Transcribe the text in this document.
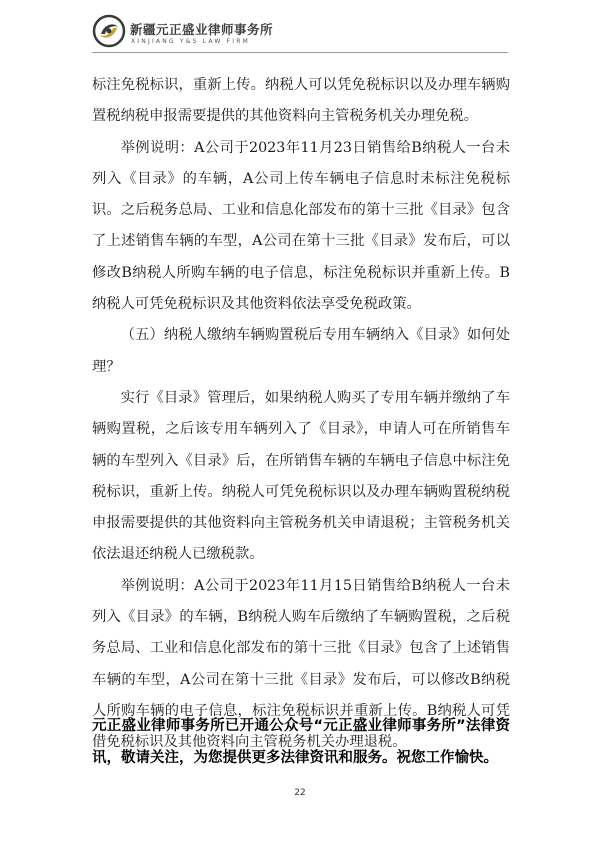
新疆元正盛业律师事务所
XINJIANG Y&S LAW FIRM

标注免税标识，重新上传。纳税人可以凭免税标识以及办理车辆购置税纳税申报需要提供的其他资料向主管税务机关办理免税。

举例说明：A公司于2023年11月23日销售给B纳税人一台未列入《目录》的车辆，A公司上传车辆电子信息时未标注免税标识。之后税务总局、工业和信息化部发布的第十三批《目录》包含了上述销售车辆的车型，A公司在第十三批《目录》发布后，可以修改B纳税人所购车辆的电子信息，标注免税标识并重新上传。B纳税人可凭免税标识及其他资料依法享受免税政策。

（五）纳税人缴纳车辆购置税后专用车辆纳入《目录》如何处理？

实行《目录》管理后，如果纳税人购买了专用车辆并缴纳了车辆购置税，之后该专用车辆列入了《目录》，申请人可在所销售车辆的车型列入《目录》后，在所销售车辆的车辆电子信息中标注免税标识，重新上传。纳税人可凭免税标识以及办理车辆购置税纳税申报需要提供的其他资料向主管税务机关申请退税；主管税务机关依法退还纳税人已缴税款。

举例说明：A公司于2023年11月15日销售给B纳税人一台未列入《目录》的车辆，B纳税人购车后缴纳了车辆购置税，之后税务总局、工业和信息化部发布的第十三批《目录》包含了上述销售车辆的车型，A公司在第十三批《目录》发布后，可以修改B纳税人所购车辆的电子信息，标注免税标识并重新上传。B纳税人可凭借免税标识及其他资料向主管税务机关办理退税。

元正盛业律师事务所已开通公众号“元正盛业律师事务所”法律资讯，敬请关注，为您提供更多法律资讯和服务。祝您工作愉快。

22
